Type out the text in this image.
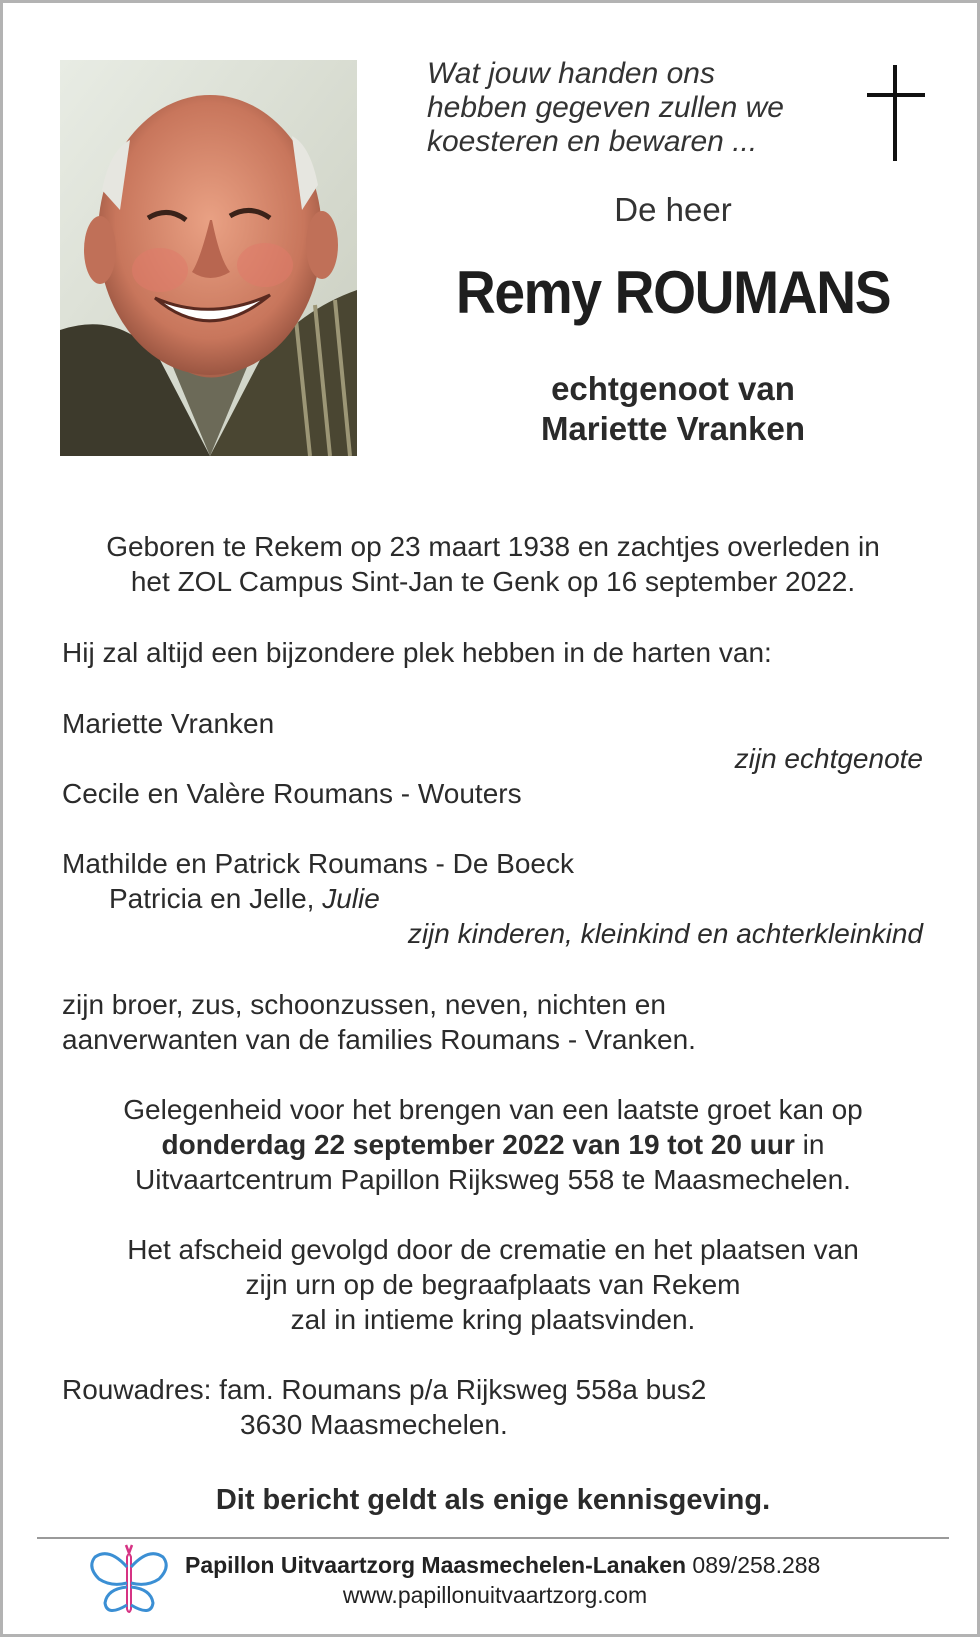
Wat jouw handen ons
hebben gegeven zullen we
koesteren en bewaren ...
De heer
Remy ROUMANS
echtgenoot van
Mariette Vranken
Geboren te Rekem op 23 maart 1938 en zachtjes overleden in
het ZOL Campus Sint-Jan te Genk op 16 september 2022.
Hij zal altijd een bijzondere plek hebben in de harten van:
Mariette Vranken
zijn echtgenote
Cecile en Valère Roumans - Wouters
Mathilde en Patrick Roumans - De Boeck
Patricia en Jelle, Julie
zijn kinderen, kleinkind en achterkleinkind
zijn broer, zus, schoonzussen, neven, nichten en
aanverwanten van de families Roumans - Vranken.
Gelegenheid voor het brengen van een laatste groet kan op
donderdag 22 september 2022 van 19 tot 20 uur in
Uitvaartcentrum Papillon Rijksweg 558 te Maasmechelen.
Het afscheid gevolgd door de crematie en het plaatsen van
zijn urn op de begraafplaats van Rekem
zal in intieme kring plaatsvinden.
Rouwadres: fam. Roumans p/a Rijksweg 558a bus2
3630 Maasmechelen.
Dit bericht geldt als enige kennisgeving.
Papillon Uitvaartzorg Maasmechelen-Lanaken 089/258.288
www.papillonuitvaartzorg.com
